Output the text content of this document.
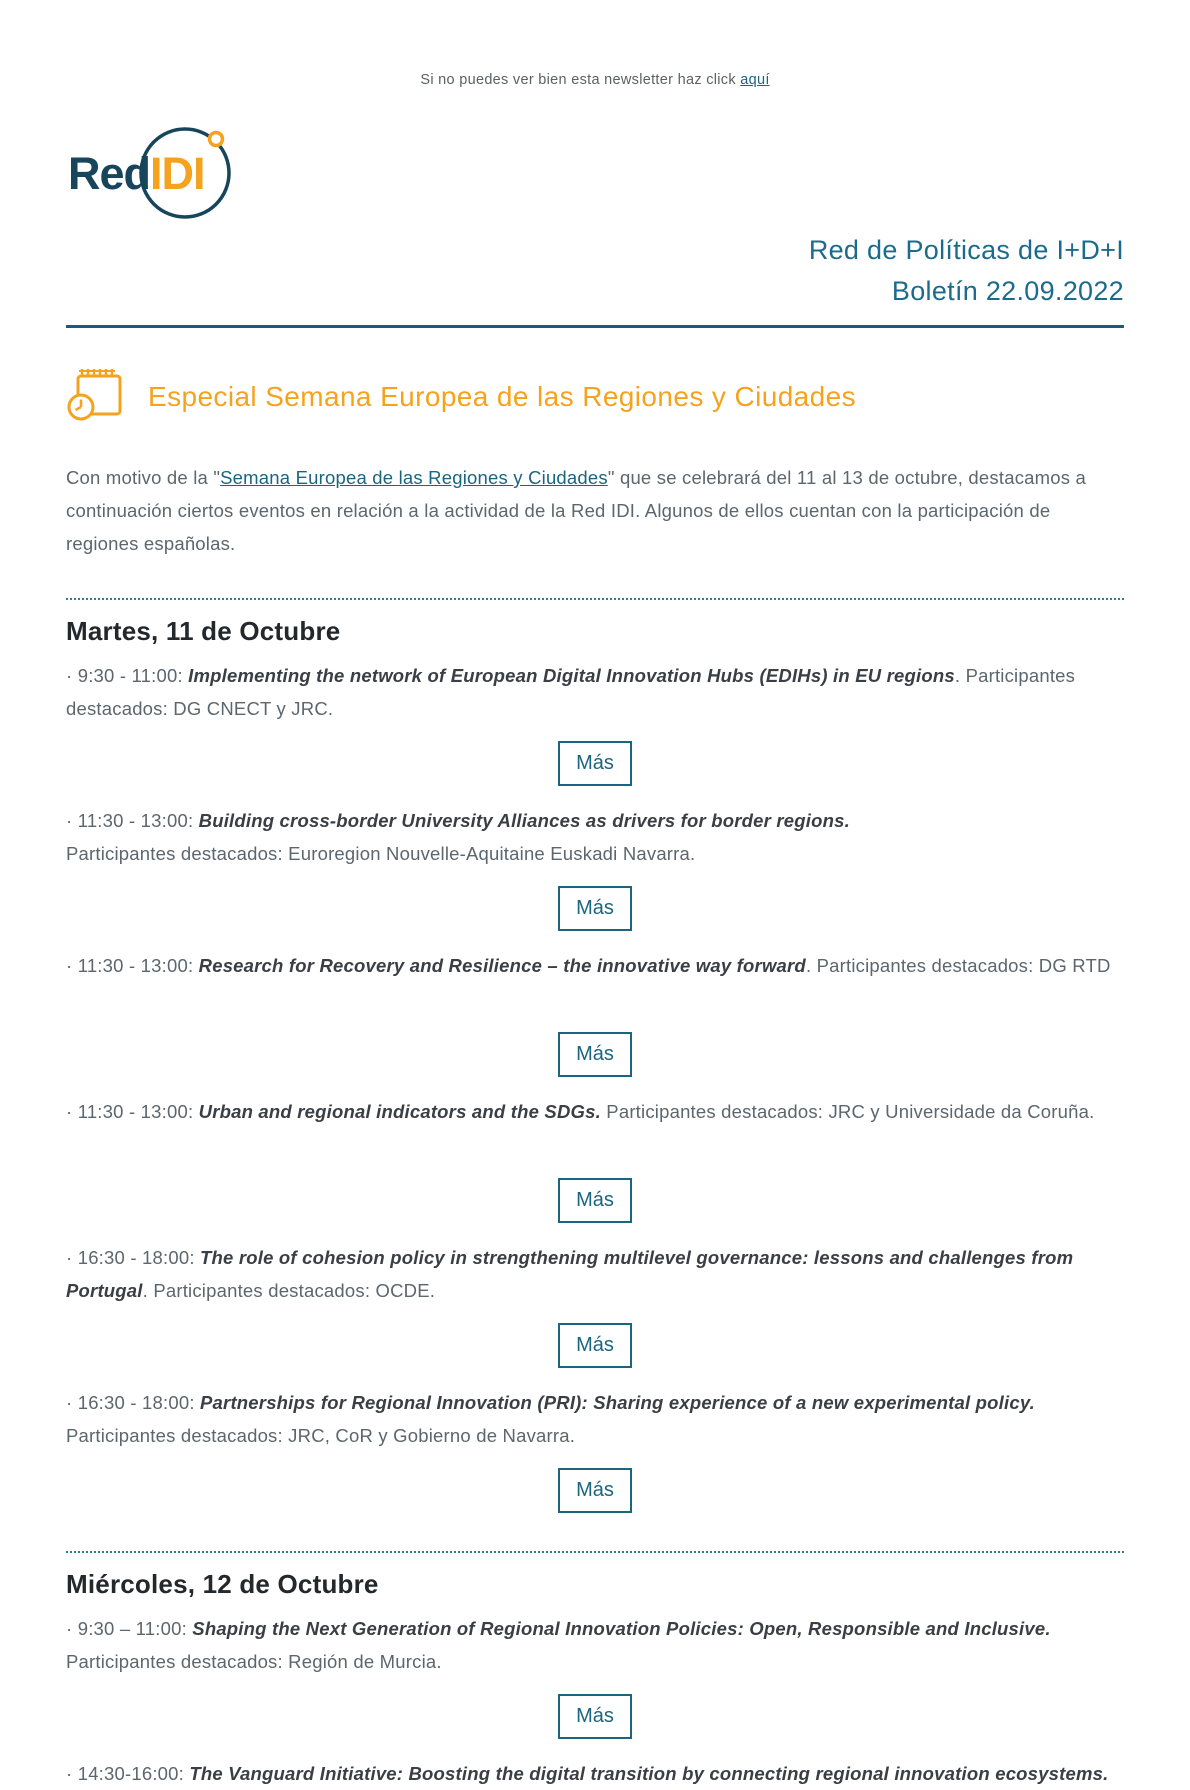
Si no puedes ver bien esta newsletter haz click aquí

RedIDI
Red de Políticas de I+D+I
Boletín 22.09.2022
Especial Semana Europea de las Regiones y Ciudades

Con motivo de la "Semana Europea de las Regiones y Ciudades" que se celebrará del 11 al 13 de octubre, destacamos a continuación ciertos eventos en relación a la actividad de la Red IDI. Algunos de ellos cuentan con la participación de regiones españolas.

Martes, 11 de Octubre

· 9:30 - 11:00: Implementing the network of European Digital Innovation Hubs (EDIHs) in EU regions. Participantes destacados: DG CNECT y JRC.

Más

· 11:30 - 13:00: Building cross-border University Alliances as drivers for border regions.
Participantes destacados: Euroregion Nouvelle-Aquitaine Euskadi Navarra.

Más

· 11:30 - 13:00: Research for Recovery and Resilience – the innovative way forward. Participantes destacados: DG RTD

Más

· 11:30 - 13:00: Urban and regional indicators and the SDGs. Participantes destacados: JRC y Universidade da Coruña.

Más

· 16:30 - 18:00: The role of cohesion policy in strengthening multilevel governance: lessons and challenges from Portugal. Participantes destacados: OCDE.

Más

· 16:30 - 18:00: Partnerships for Regional Innovation (PRI): Sharing experience of a new experimental policy.
Participantes destacados: JRC, CoR y Gobierno de Navarra.

Más
Miércoles, 12 de Octubre

· 9:30 – 11:00: Shaping the Next Generation of Regional Innovation Policies: Open, Responsible and Inclusive.
Participantes destacados: Región de Murcia.

Más

· 14:30-16:00: The Vanguard Initiative: Boosting the digital transition by connecting regional innovation ecosystems.
